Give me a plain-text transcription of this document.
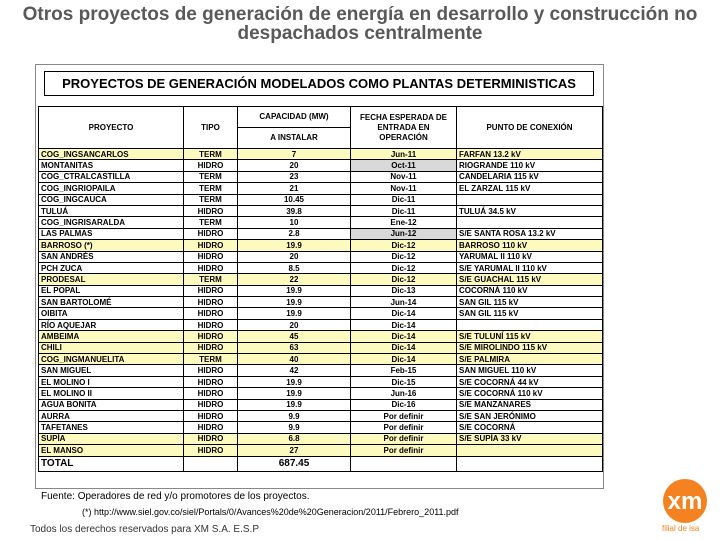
Otros proyectos de generación de energía en desarrollo y construcción no despachados centralmente
PROYECTOS DE GENERACIÓN MODELADOS COMO PLANTAS DETERMINISTICAS
PROYECTO	TIPO	CAPACIDAD (MW)	FECHA ESPERADA DE ENTRADA EN OPERACIÓN	PUNTO DE CONEXIÓN
		A INSTALAR		
COG_INGSANCARLOS	TERM	7	Jun-11	FARFAN 13.2 kV
MONTANITAS	HIDRO	20	Oct-11	RIOGRANDE 110 kV
COG_CTRALCASTILLA	TERM	23	Nov-11	CANDELARIA 115 kV
COG_INGRIOPAILA	TERM	21	Nov-11	EL ZARZAL 115 kV
COG_INGCAUCA	TERM	10.45	Dic-11	
TULUÁ	HIDRO	39.8	Dic-11	TULUÁ 34.5 kV
COG_INGRISARALDA	TERM	10	Ene-12	
LAS PALMAS	HIDRO	2.8	Jun-12	S/E SANTA ROSA 13.2 kV
BARROSO (*)	HIDRO	19.9	Dic-12	BARROSO 110 kV
SAN ANDRÉS	HIDRO	20	Dic-12	YARUMAL II 110 kV
PCH ZUCA	HIDRO	8.5	Dic-12	S/E YARUMAL II 110 kV
PRODESAL	TERM	22	Dic-12	S/E GUACHAL 115 kV
EL POPAL	HIDRO	19.9	Dic-13	COCORNÁ 110 kV
SAN BARTOLOMÉ	HIDRO	19.9	Jun-14	SAN GIL 115 kV
OIBITA	HIDRO	19.9	Dic-14	SAN GIL 115 kV
RÍO AQUEJAR	HIDRO	20	Dic-14	
AMBEIMA	HIDRO	45	Dic-14	S/E TULUNÍ 115 kV
CHILI	HIDRO	63	Dic-14	S/E MIROLINDO 115 kV
COG_INGMANUELITA	TERM	40	Dic-14	S/E PALMIRA
SAN MIGUEL	HIDRO	42	Feb-15	SAN MIGUEL 110 kV
EL MOLINO I	HIDRO	19.9	Dic-15	S/E COCORNÁ 44 kV
EL MOLINO II	HIDRO	19.9	Jun-16	S/E COCORNÁ 110 kV
AGUA BONITA	HIDRO	19.9	Dic-16	S/E MANZANARES
AURRA	HIDRO	9.9	Por definir	S/E SAN JERÓNIMO
TAFETANES	HIDRO	9.9	Por definir	S/E COCORNÁ
SUPÍA	HIDRO	6.8	Por definir	S/E SUPÍA 33 kV
EL MANSO	HIDRO	27	Por definir	
TOTAL		687.45		
Fuente: Operadores de red y/o promotores de los proyectos.
(*) http://www.siel.gov.co/siel/Portals/0/Avances%20de%20Generacion/2011/Febrero_2011.pdf
Todos los derechos reservados para XM S.A. E.S.P
xm
filial de isa
